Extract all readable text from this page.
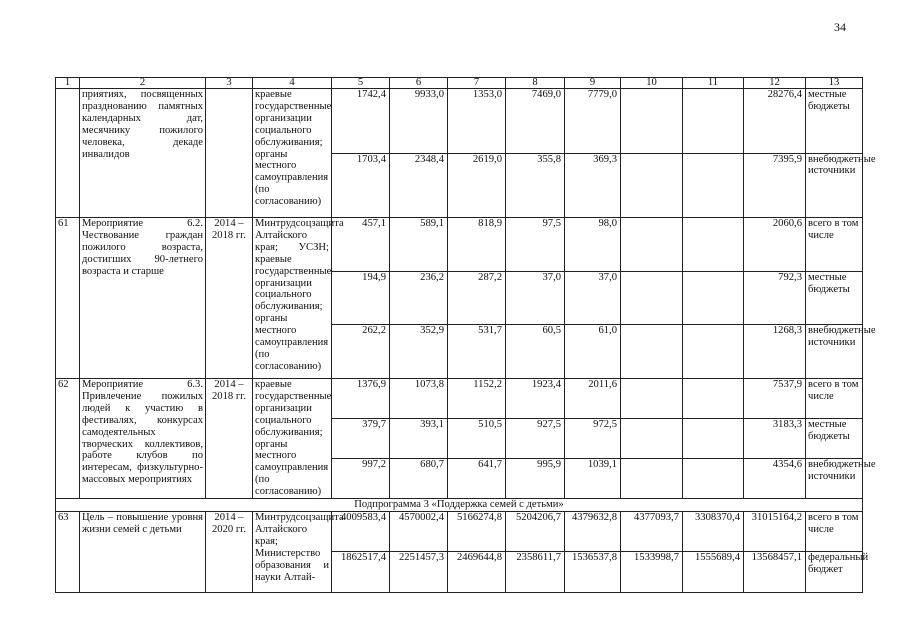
34
1	2	3	4	5	6	7	8	9	10	11	12	13
	приятиях, посвященных празднованию памятных календарных дат, месячнику пожилого человека, декаде инвалидов		краевые государственные организации социального обслуживания; органы местного самоуправления (по согласованию)	1742,4	9933,0	1353,0	7469,0	7779,0			28276,4	местные бюджеты
				1703,4	2348,4	2619,0	355,8	369,3			7395,9	внебюджетные источники
61	Мероприятие 6.2. Чествование граждан пожилого возраста, достигших 90-летнего возраста и старше	2014 – 2018 гг.	Минтрудсоцзащита Алтайского края; УСЗН; краевые государственные организации социального обслуживания; органы местного самоуправления (по согласованию)	457,1	589,1	818,9	97,5	98,0			2060,6	всего в том числе
				194,9	236,2	287,2	37,0	37,0			792,3	местные бюджеты
				262,2	352,9	531,7	60,5	61,0			1268,3	внебюджетные источники
62	Мероприятие 6.3. Привлечение пожилых людей к участию в фестивалях, конкурсах самодеятельных творческих коллективов, работе клубов по интересам, физкультурно-массовых мероприятиях	2014 – 2018 гг.	краевые государственные организации социального обслуживания; органы местного самоуправления (по согласованию)	1376,9	1073,8	1152,2	1923,4	2011,6			7537,9	всего в том числе
				379,7	393,1	510,5	927,5	972,5			3183,3	местные бюджеты
				997,2	680,7	641,7	995,9	1039,1			4354,6	внебюджетные источники
Подпрограмма 3 «Поддержка семей с детьми»												
63	Цель – повышение уровня жизни семей с детьми	2014 – 2020 гг.	Минтрудсоцзащита Алтайского края; Министерство образования и науки Алтай-	4009583,4	4570002,4	5166274,8	5204206,7	4379632,8	4377093,7	3308370,4	31015164,2	всего в том числе
				1862517,4	2251457,3	2469644,8	2358611,7	1536537,8	1533998,7	1555689,4	13568457,1	федеральный бюджет
